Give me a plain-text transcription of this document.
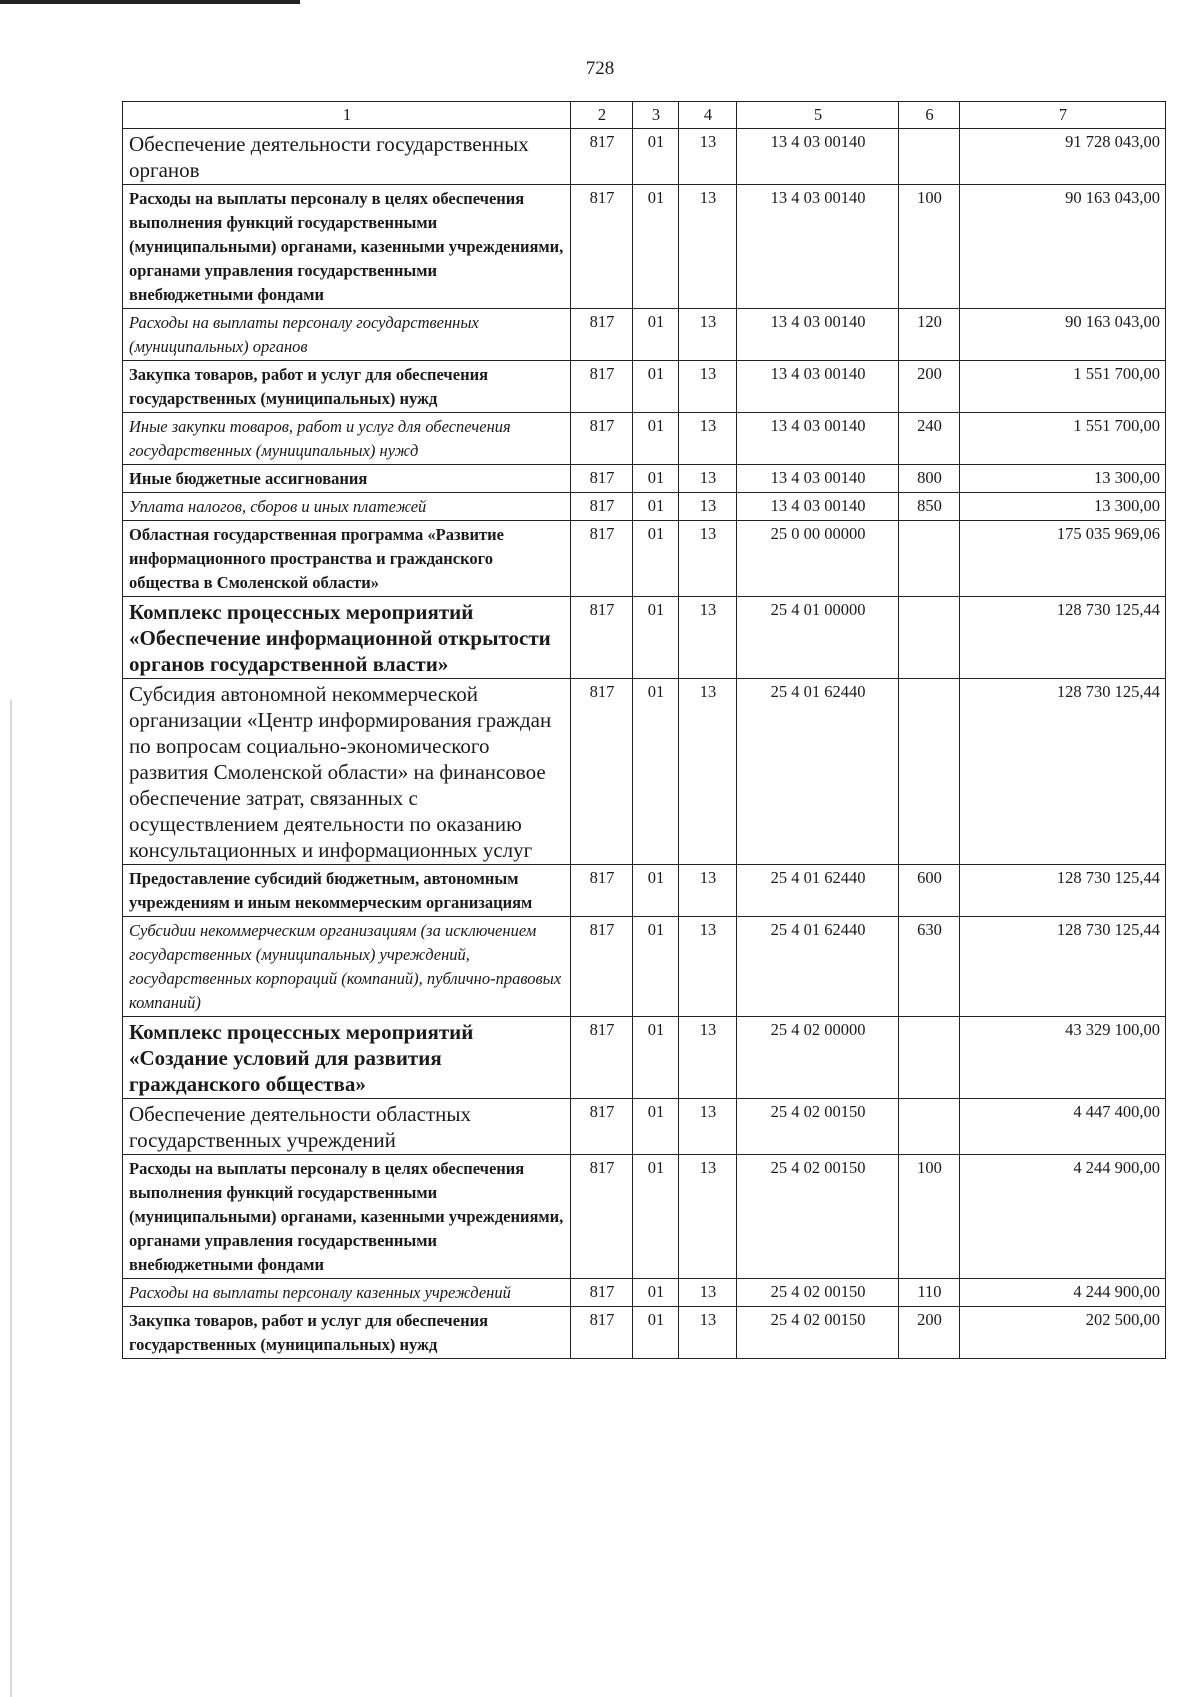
728
1	2	3	4	5	6	7
Обеспечение деятельности государственных органов	817	01	13	13 4 03 00140		91 728 043,00
Расходы на выплаты персоналу в целях обеспечения выполнения функций государственными (муниципальными) органами, казенными учреждениями, органами управления государственными внебюджетными фондами	817	01	13	13 4 03 00140	100	90 163 043,00
Расходы на выплаты персоналу государственных (муниципальных) органов	817	01	13	13 4 03 00140	120	90 163 043,00
Закупка товаров, работ и услуг для обеспечения государственных (муниципальных) нужд	817	01	13	13 4 03 00140	200	1 551 700,00
Иные закупки товаров, работ и услуг для обеспечения государственных (муниципальных) нужд	817	01	13	13 4 03 00140	240	1 551 700,00
Иные бюджетные ассигнования	817	01	13	13 4 03 00140	800	13 300,00
Уплата налогов, сборов и иных платежей	817	01	13	13 4 03 00140	850	13 300,00
Областная государственная программа «Развитие информационного пространства и гражданского общества в Смоленской области»	817	01	13	25 0 00 00000		175 035 969,06
Комплекс процессных мероприятий «Обеспечение информационной открытости органов государственной власти»	817	01	13	25 4 01 00000		128 730 125,44
Субсидия автономной некоммерческой организации «Центр информирования граждан по вопросам социально-экономического развития Смоленской области» на финансовое обеспечение затрат, связанных с осуществлением деятельности по оказанию консультационных и информационных услуг	817	01	13	25 4 01 62440		128 730 125,44
Предоставление субсидий бюджетным, автономным учреждениям и иным некоммерческим организациям	817	01	13	25 4 01 62440	600	128 730 125,44
Субсидии некоммерческим организациям (за исключением государственных (муниципальных) учреждений, государственных корпораций (компаний), публично-правовых компаний)	817	01	13	25 4 01 62440	630	128 730 125,44
Комплекс процессных мероприятий «Создание условий для развития гражданского общества»	817	01	13	25 4 02 00000		43 329 100,00
Обеспечение деятельности областных государственных учреждений	817	01	13	25 4 02 00150		4 447 400,00
Расходы на выплаты персоналу в целях обеспечения выполнения функций государственными (муниципальными) органами, казенными учреждениями, органами управления государственными внебюджетными фондами	817	01	13	25 4 02 00150	100	4 244 900,00
Расходы на выплаты персоналу казенных учреждений	817	01	13	25 4 02 00150	110	4 244 900,00
Закупка товаров, работ и услуг для обеспечения государственных (муниципальных) нужд	817	01	13	25 4 02 00150	200	202 500,00
